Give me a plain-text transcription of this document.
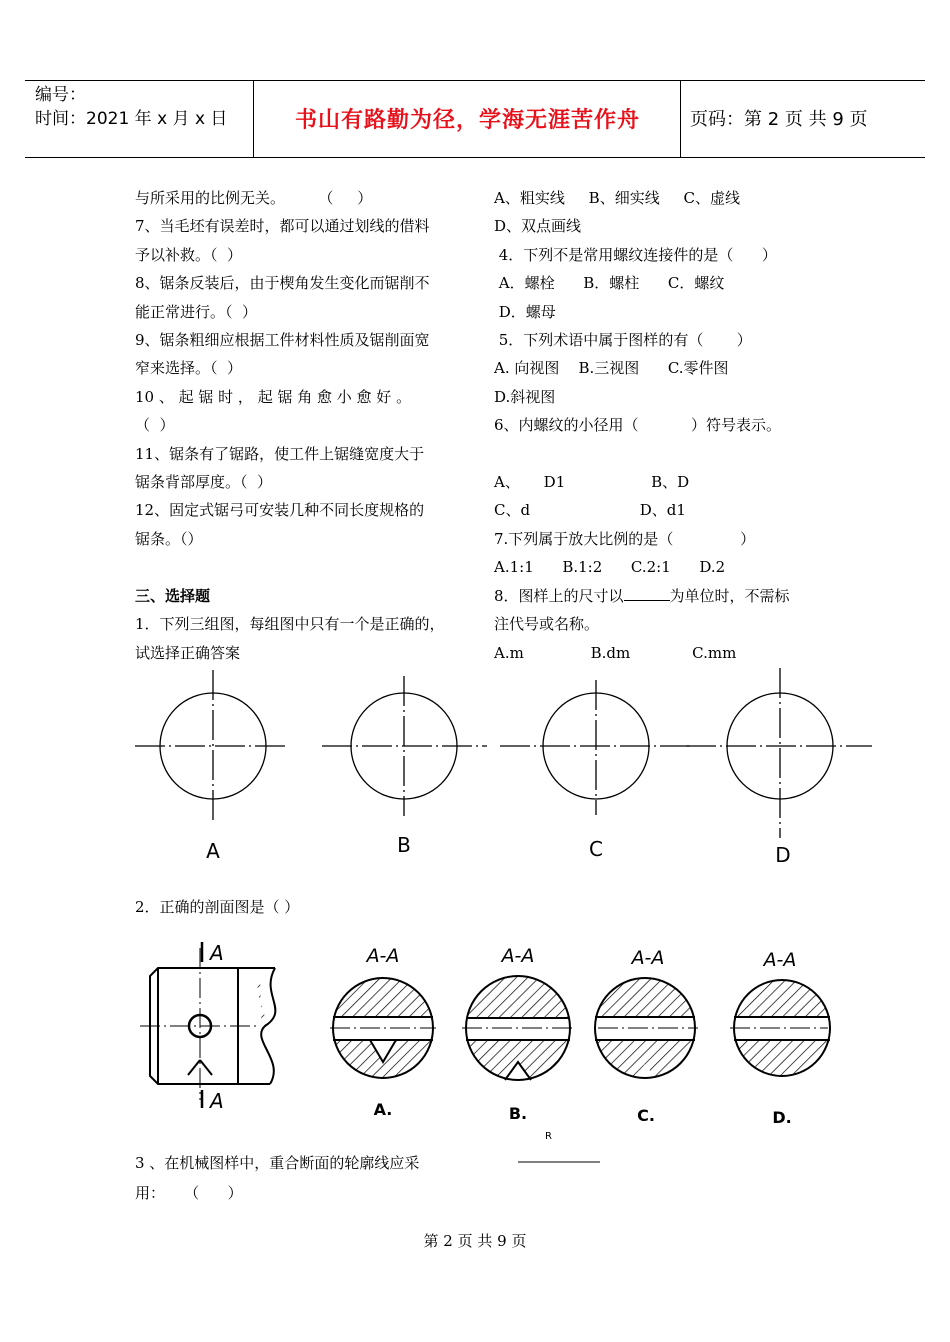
编号：
时间：2021 年 x 月 x 日	书山有路勤为径，学海无涯苦作舟	页码：第 2 页 共 9 页
与所采用的比例无关。       （     ）
7、当毛坯有误差时，都可以通过划线的借料
予以补救。（  ）
8、锯条反装后，由于楔角发生变化而锯削不
能正常进行。（  ）
9、锯条粗细应根据工件材料性质及锯削面宽
窄来选择。（  ）
10 、 起 锯 时 ， 起 锯 角 愈 小 愈 好 。
（  ）
11、锯条有了锯路，使工件上锯缝宽度大于
锯条背部厚度。（  ）
12、固定式锯弓可安装几种不同长度规格的
锯条。（）

三、选择题
1．下列三组图，每组图中只有一个是正确的，
试选择正确答案
A、粗实线     B、细实线     C、虚线
D、双点画线
4．下列不是常用螺纹连接件的是（      ）
A．螺栓      B．螺柱      C．螺纹
D．螺母
5．下列术语中属于图样的有（       ）
A. 向视图    B.三视图      C.零件图
D.斜视图
6、内螺纹的小径用（           ）符号表示。

A、     D1                  B、D
C、d                       D、d1
7.下列属于放大比例的是（              ）
A.1:1      B.1:2      C.2:1      D.2
8．图样上的尺寸以	为单位时，不需标
注代号或名称。
A.m              B.dm             C.mm
A	B	C	D
A
A
A-A	A-A	A-A	A-A
A.	B.	C.	D.
R
2．正确的剖面图是（ ）
3 、在机械图样中，重合断面的轮廓线应采
用：    （      ）
第 2 页 共 9 页
